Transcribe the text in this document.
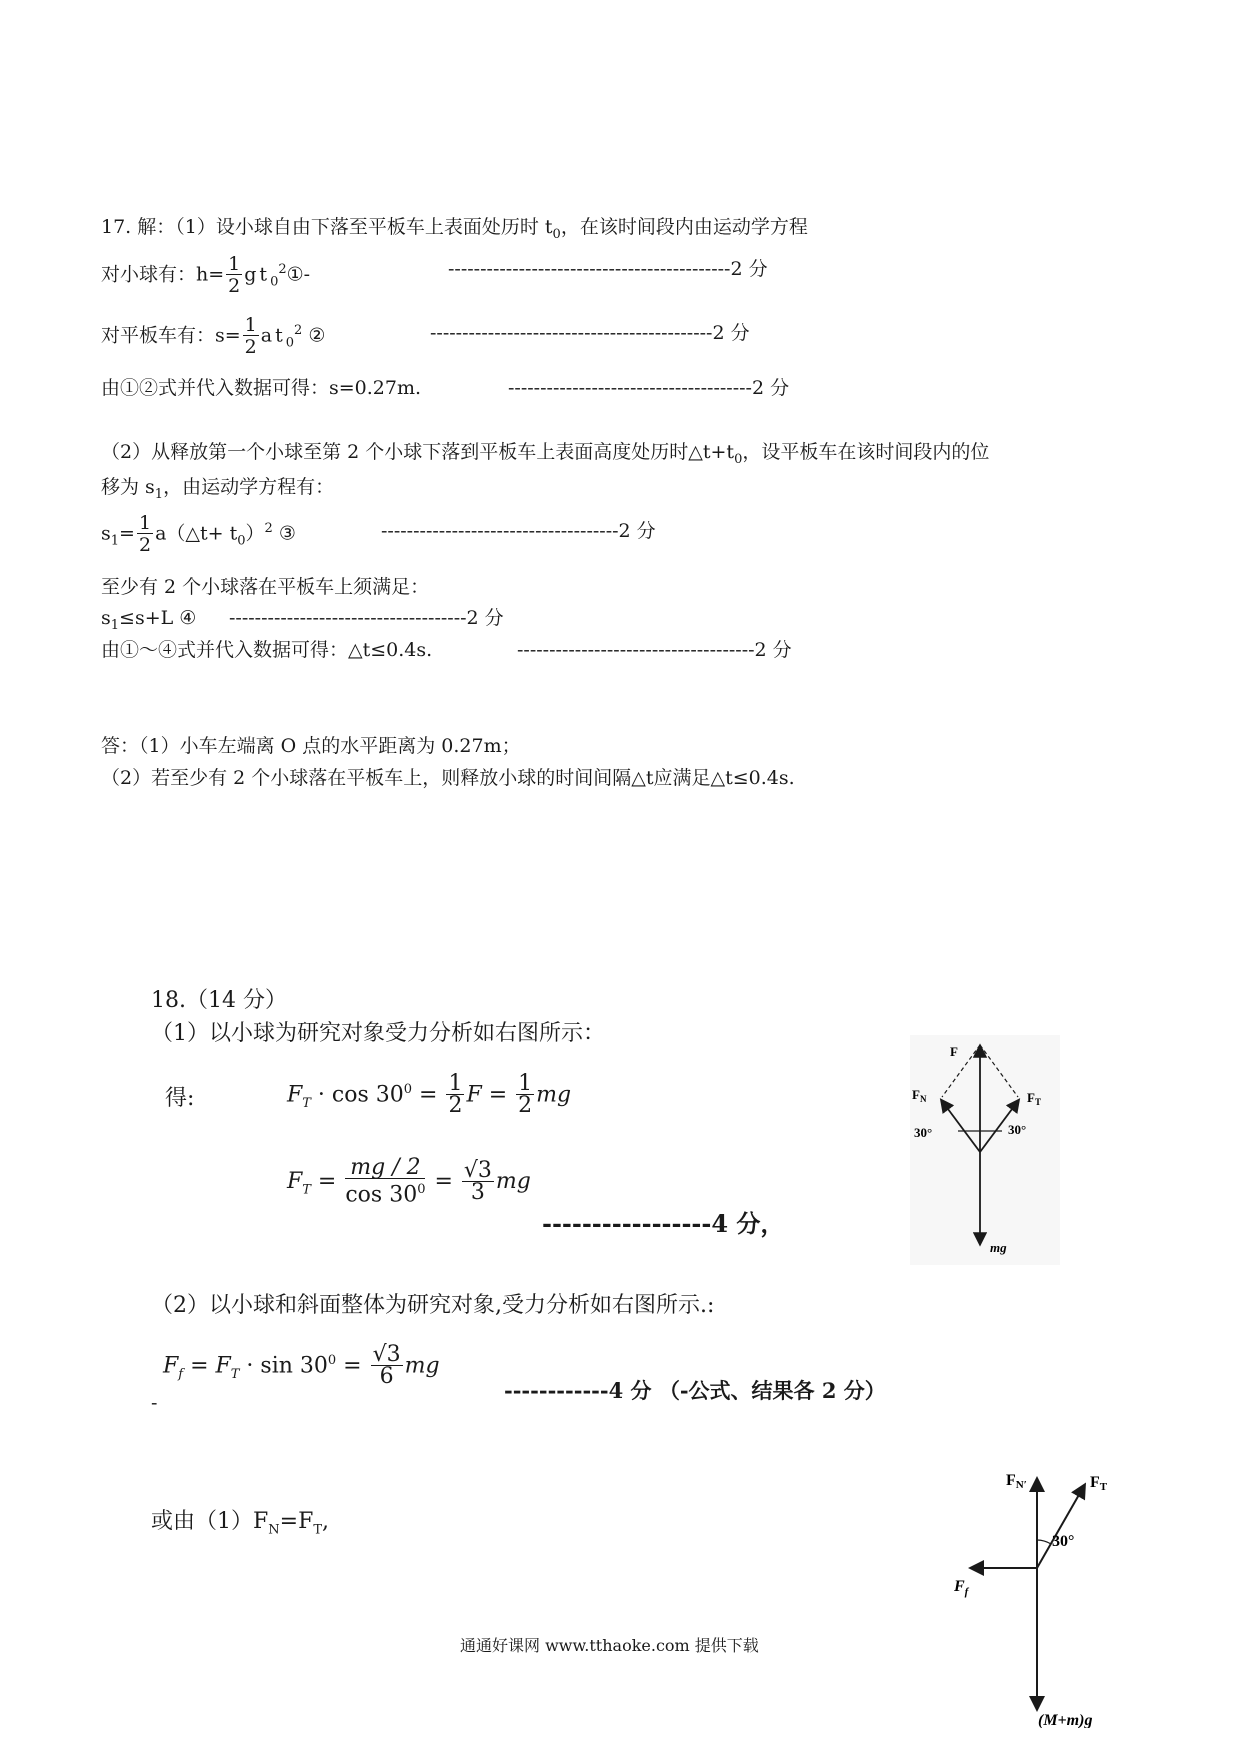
17. 解：（1）设小球自由下落至平板车上表面处历时 $t_0$，在该时间段内由运动学方程
对小球有：$h= \frac{1}{2}$ $gt_0^2①-$	--------------------------------------------2 分
对平板车有：$s= \frac{1}{2} at_0^2$ ②	--------------------------------------------2 分
由①②式并代入数据可得：s=0.27m.	--------------------------------------2 分
（2）从释放第一个小球至第 2 个小球下落到平板车上表面高度处历时$\triangle t+t_0$，设平板车在该时间段内的位
移为 $s_1$，由运动学方程有：
$s_1= \frac{1}{2}$ a（△t+ $t_0)^2$ ③	-------------------------------------2 分
至少有 2 个小球落在平板车上须满足：
$s_1\le s+L$ ④ -------------------------------------2 分
由①～④式并代入数据可得：△t≤0.4s.	-------------------------------------2 分
答：（1）小车左端离 O 点的水平距离为 0.27m；
（2）若至少有 2 个小球落在平板车上，则释放小球的时间间隔△t应满足△t≤0.4s.
18.（14 分）
（1）以小球为研究对象受力分析如右图所示：
得:	$F_T \cdot \cos 30^0 = \frac{1}{2}$ $F = \frac{1}{2}$ mg
$F_T = \frac{mg / 2}{\cos 30^0} = \frac{√3}{3}$ mg
-----------------4 分，
（2）以小球和斜面整体为研究对象,受力分析如右图所示.:
$F_f = F_T \cdot \sin 30^0 = \frac{√3}{6}$ mg
-	------------4 分 （-公式、结果各 2 分）
或由$(1)F_N=F_T$,
F
$F_N$	$F_T$
30°	30°
mg
FN′	FT
30°
$F_f$
(M+m)g
通通好课网 www.tthaoke.com 提供下载
